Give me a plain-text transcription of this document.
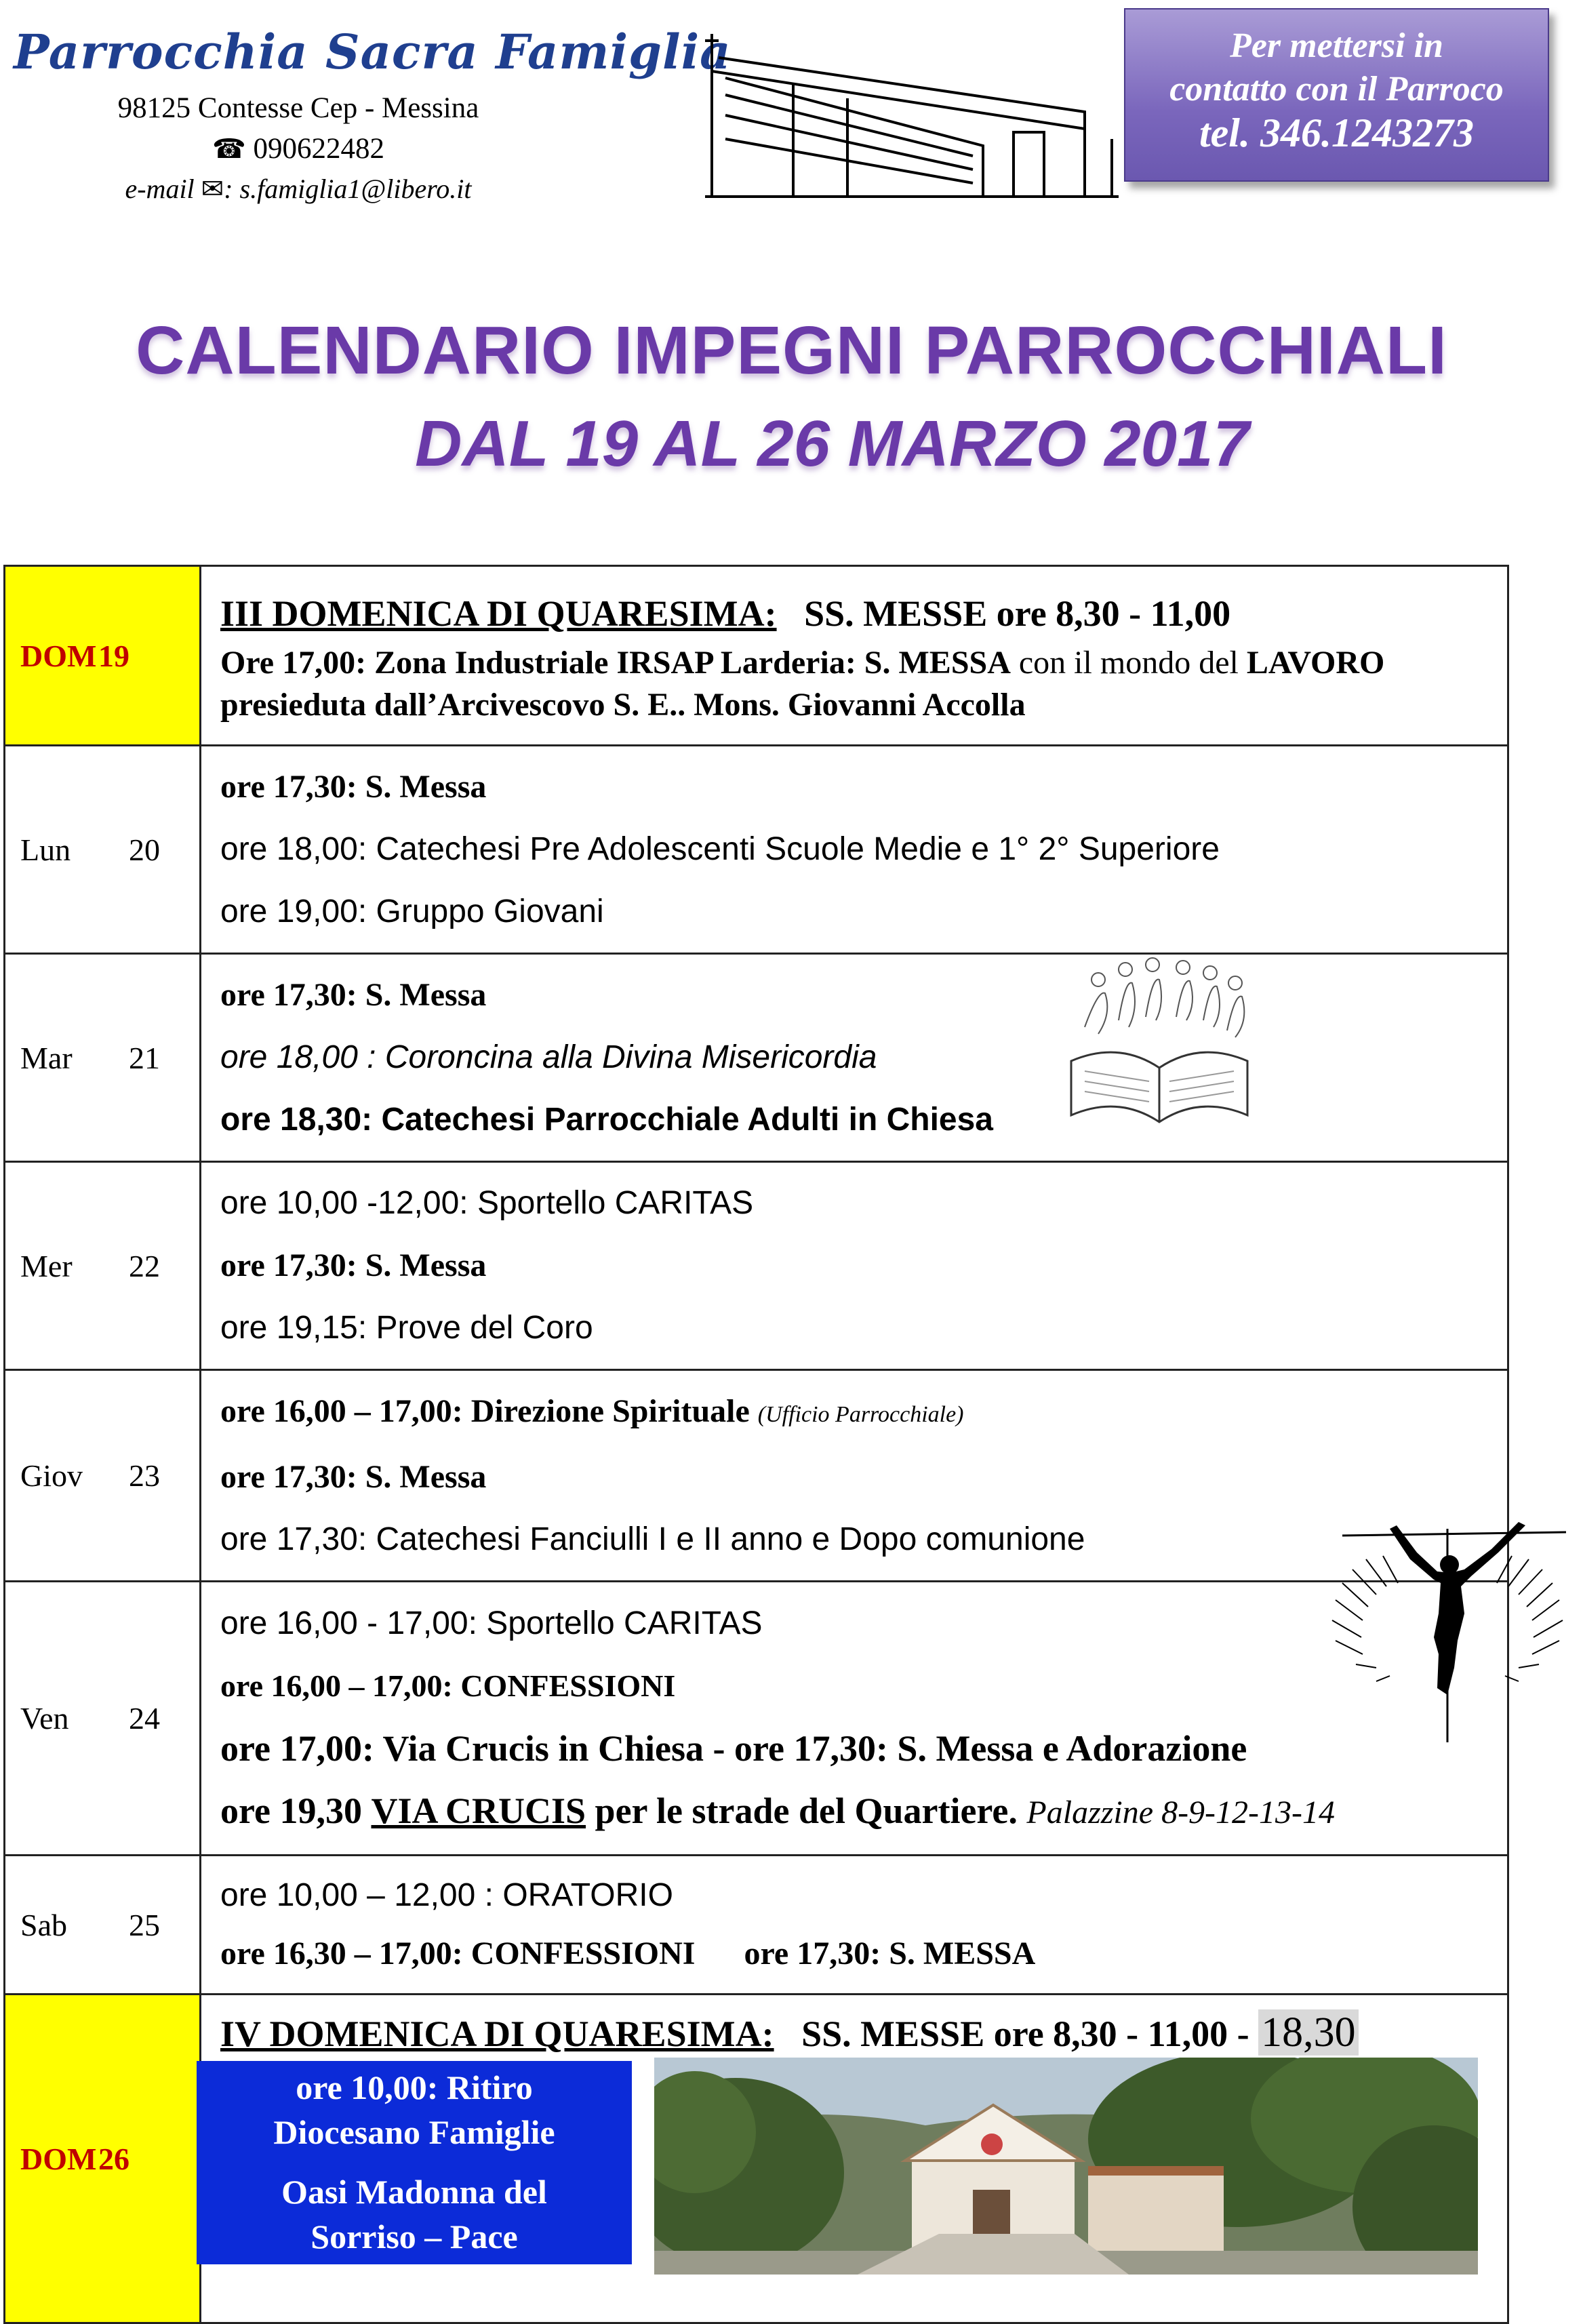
Parrocchia Sacra Famiglia
98125 Contesse Cep - Messina
☎ 090622482
e-mail ✉: s.famiglia1@libero.it
Per mettersi in
contatto con il Parroco
tel. 346.1243273
CALENDARIO IMPEGNI PARROCCHIALI
DAL 19 AL 26 MARZO 2017
DOM19	III DOMENICA DI QUARESIMA: SS. MESSE ore 8,30 - 11,00
Ore 17,00: Zona Industriale IRSAP Larderia: S. MESSA con il mondo del LAVORO
presieduta dall’Arcivescovo S. E.. Mons. Giovanni Accolla

Lun 20	ore 17,30: S. Messa
ore 18,00: Catechesi Pre Adolescenti Scuole Medie e 1° 2° Superiore
ore 19,00: Gruppo Giovani

Mar 21	ore 17,30: S. Messa
ore 18,00 : Coroncina alla Divina Misericordia
ore 18,30: Catechesi Parrocchiale Adulti in Chiesa

Mer 22	ore 10,00 -12,00: Sportello CARITAS
ore 17,30: S. Messa
ore 19,15: Prove del Coro

Giov 23	ore 16,00 – 17,00: Direzione Spirituale (Ufficio Parrocchiale)
ore 17,30: S. Messa
ore 17,30: Catechesi Fanciulli I e II anno e Dopo comunione

Ven 24	ore 16,00 - 17,00: Sportello CARITAS
ore 16,00 – 17,00: CONFESSIONI
ore 17,00: Via Crucis in Chiesa - ore 17,30: S. Messa e Adorazione
ore 19,30 VIA CRUCIS per le strade del Quartiere. Palazzine 8-9-12-13-14

Sab 25	ore 10,00 – 12,00 : ORATORIO
ore 16,30 – 17,00: CONFESSIONI ore 17,30: S. MESSA

DOM26	IV DOMENICA DI QUARESIMA: SS. MESSE ore 8,30 - 11,00 - 18,30
ore 10,00: Ritiro
Diocesano Famiglie
Oasi Madonna del
Sorriso – Pace
